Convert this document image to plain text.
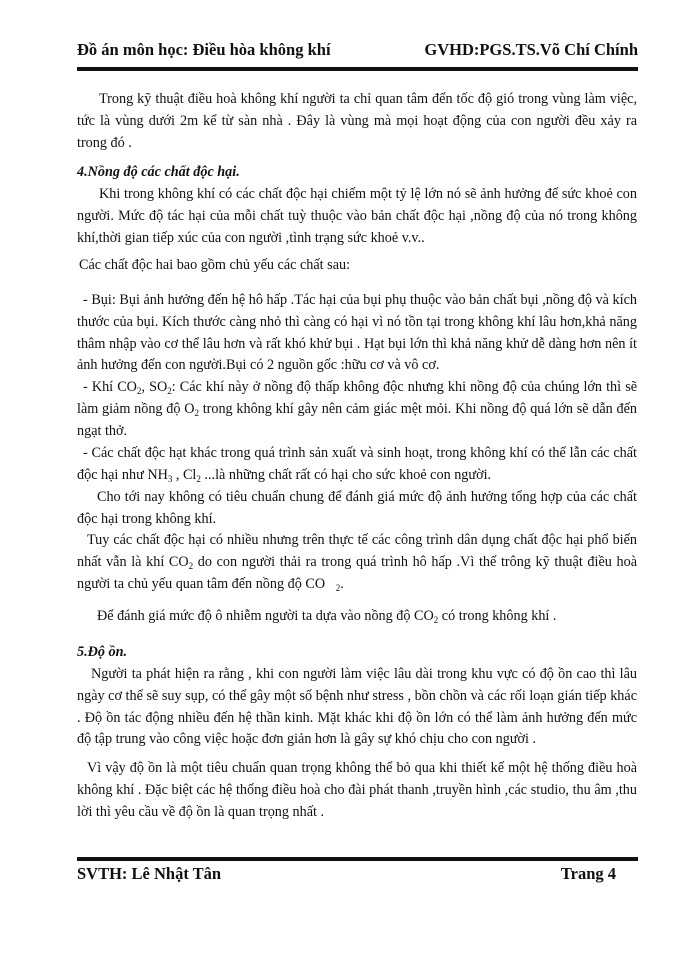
Đồ án môn học: Điều hòa không khí	GVHD:PGS.TS.Võ Chí Chính

Trong kỹ thuật điều hoà không khí người ta chỉ quan tâm đến tốc độ gió trong vùng làm việc, tức là vùng dưới 2m kể từ sàn nhà . Đây là vùng mà mọi hoạt động của con người đều xảy ra trong đó .

4.Nồng độ các chất độc hại.

Khi trong không khí có các chất độc hại chiếm một tỷ lệ lớn nó sẽ ảnh hưởng đế sức khoẻ con người. Mức độ tác hại của mỗi chất tuỳ thuộc vào bản chất độc hại ,nồng độ của nó trong không khí,thời gian tiếp xúc của con người ,tình trạng sức khoẻ v.v..

Các chất độc hai bao gồm chủ yếu các chất sau:

- Bụi: Bụi ảnh hưởng đến hệ hô hấp .Tác hại của bụi phụ thuộc vào bản chất bụi ,nồng độ và kích thước của bụi. Kích thước càng nhỏ thì càng có hại vì nó tồn tại trong không khí lâu hơn,khả năng thâm nhập vào cơ thể lâu hơn và rất khó khử bụi . Hạt bụi lớn thì khả năng khử dễ dàng hơn nên ít ảnh hưởng đến con người.Bụi có 2 nguồn gốc :hữu cơ và vô cơ.

- Khí $CO_2$, $SO_2$: Các khí này ở nồng độ thấp không độc nhưng khi nồng độ của chúng lớn thì sẽ làm giảm nồng độ $O_2$ trong không khí gây nên cảm giác mệt mỏi. Khi nồng độ quá lớn sẽ dẫn đến ngạt thở.

- Các chất độc hạt khác trong quá trình sản xuất và sinh hoạt, trong không khí có thể lẫn các chất độc hại như $NH_3$ , $Cl_2$ ...là những chất rất có hại cho sức khoẻ con người.

Cho tới nay không có tiêu chuẩn chung để đánh giá mức độ ảnh hưởng tổng hợp của các chất độc hại trong không khí.

Tuy các chất độc hại có nhiều nhưng trên thực tế các công trình dân dụng chất độc hại phổ biến nhất vẫn là khí $CO_2$ do con người thải ra trong quá trình hô hấp .Vì thế trông kỹ thuật điều hoà người ta chủ yếu quan tâm đến nồng độ CO $_2$.

Để đánh giá mức độ ô nhiễm người ta dựa vào nồng độ $CO_2$ có trong không khí .

5.Độ ồn.

Người ta phát hiện ra rằng , khi con người làm việc lâu dài trong khu vực có độ ồn cao thì lâu ngày cơ thể sẽ suy sụp, có thể gây một số bệnh như stress , bồn chồn và các rối loạn gián tiếp khác . Độ ồn tác động nhiều đến hệ thần kinh. Mặt khác khi độ ồn lớn có thể làm ảnh hưởng đến mức độ tập trung vào công việc hoặc đơn giản hơn là gây sự khó chịu cho con người .

Vì vậy độ ồn là một tiêu chuẩn quan trọng không thể bỏ qua khi thiết kế một hệ thống điều hoà không khí . Đặc biệt các hệ thống điều hoà cho đài phát thanh ,truyền hình ,các studio, thu âm ,thu lời thì yêu cầu về độ ồn là quan trọng nhất .

SVTH: Lê Nhật Tân	Trang 4
